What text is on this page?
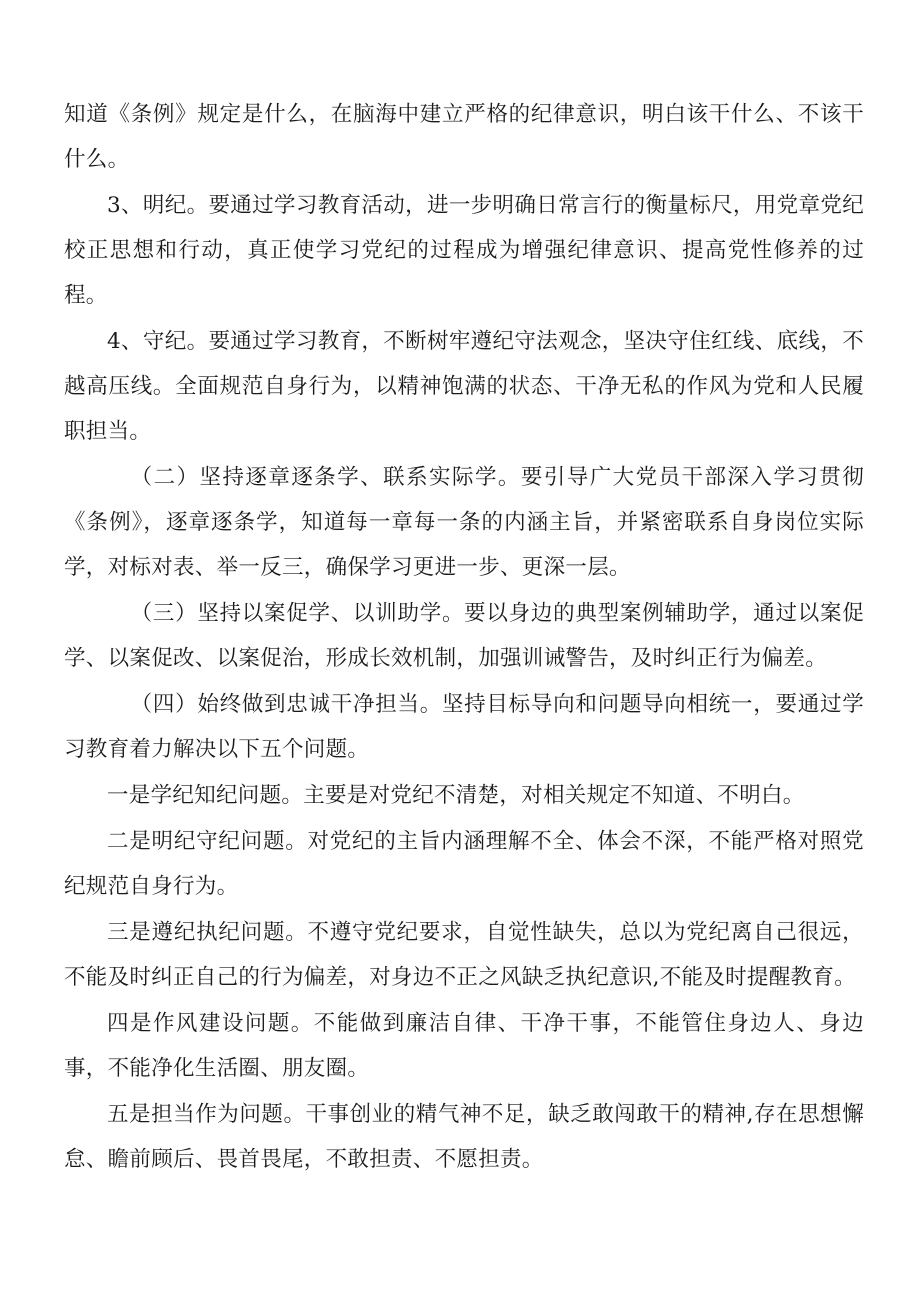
知道《条例》规定是什么，在脑海中建立严格的纪律意识，明白该干什么、不该干什么。

3、明纪。要通过学习教育活动，进一步明确日常言行的衡量标尺，用党章党纪校正思想和行动，真正使学习党纪的过程成为增强纪律意识、提高党性修养的过程。

4、守纪。要通过学习教育，不断树牢遵纪守法观念，坚决守住红线、底线，不越高压线。全面规范自身行为，以精神饱满的状态、干净无私的作风为党和人民履职担当。

（二）坚持逐章逐条学、联系实际学。要引导广大党员干部深入学习贯彻《条例》，逐章逐条学，知道每一章每一条的内涵主旨，并紧密联系自身岗位实际学，对标对表、举一反三，确保学习更进一步、更深一层。

（三）坚持以案促学、以训助学。要以身边的典型案例辅助学，通过以案促学、以案促改、以案促治，形成长效机制，加强训诫警告，及时纠正行为偏差。

（四）始终做到忠诚干净担当。坚持目标导向和问题导向相统一，要通过学习教育着力解决以下五个问题。

一是学纪知纪问题。主要是对党纪不清楚，对相关规定不知道、不明白。

二是明纪守纪问题。对党纪的主旨内涵理解不全、体会不深，不能严格对照党纪规范自身行为。

三是遵纪执纪问题。不遵守党纪要求，自觉性缺失，总以为党纪离自己很远，不能及时纠正自己的行为偏差，对身边不正之风缺乏执纪意识,不能及时提醒教育。

四是作风建设问题。不能做到廉洁自律、干净干事，不能管住身边人、身边事，不能净化生活圈、朋友圈。

五是担当作为问题。干事创业的精气神不足，缺乏敢闯敢干的精神,存在思想懈怠、瞻前顾后、畏首畏尾，不敢担责、不愿担责。
